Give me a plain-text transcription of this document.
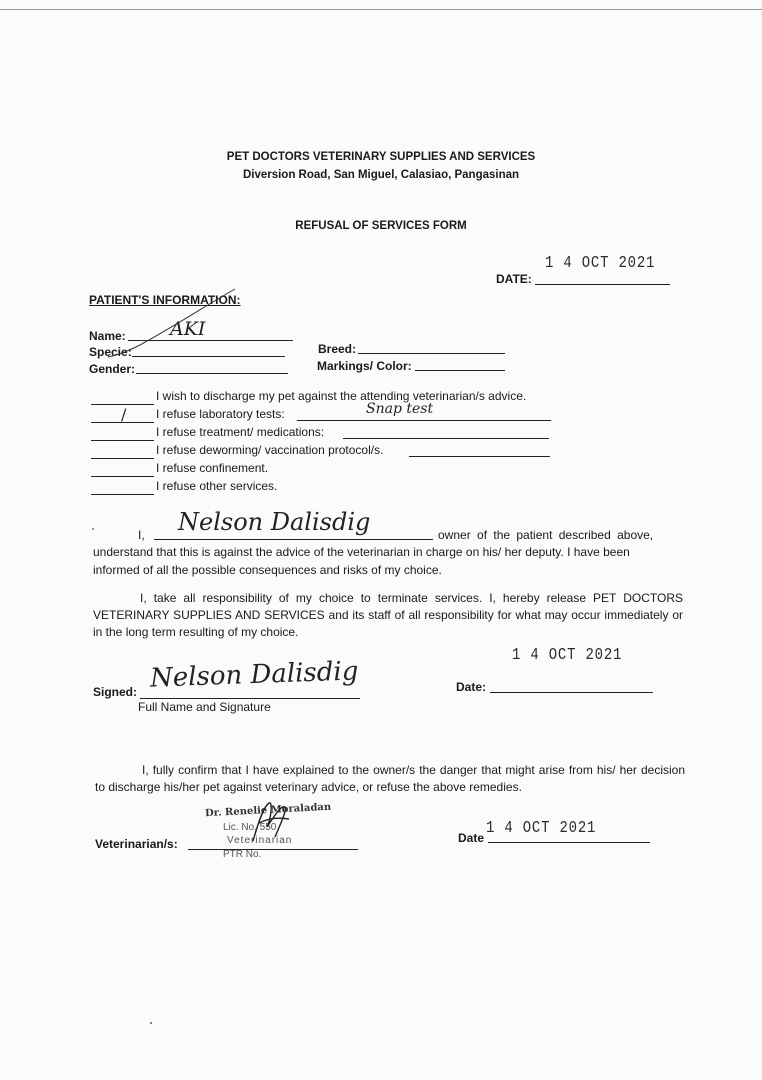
PET DOCTORS VETERINARY SUPPLIES AND SERVICES
Diversion Road, San Miguel, Calasiao, Pangasinan
REFUSAL OF SERVICES FORM
DATE:
1 4 OCT 2021
PATIENT'S INFORMATION:
Name: AKI
Specie:
Gender:
Breed:
Markings/ Color:
I wish to discharge my pet against the attending veterinarian/s advice.
/ I refuse laboratory tests:	Snap test
I refuse treatment/ medications:
I refuse deworming/ vaccination protocol/s.
I refuse confinement.
I refuse other services.
I, Nelson Dalisdig	owner of the patient described above,
understand that this is against the advice of the veterinarian in charge on his/ her deputy. I have been
informed of all the possible consequences and risks of my choice.
I, take all responsibility of my choice to terminate services. I, hereby release PET DOCTORS VETERINARY SUPPLIES AND SERVICES and its staff of all responsibility for what may occur immediately or in the long term resulting of my choice.
Signed: Nelson Dalisdig
Full Name and Signature
Date:
1 4 OCT 2021
I, fully confirm that I have explained to the owner/s the danger that might arise from his/ her decision to discharge his/her pet against veterinary advice, or refuse the above remedies.
Veterinarian/s:
Dr. Renelie Moraladan
Lic. No. 550
Veterinarian
PTR No.
Date 1 4 OCT 2021
